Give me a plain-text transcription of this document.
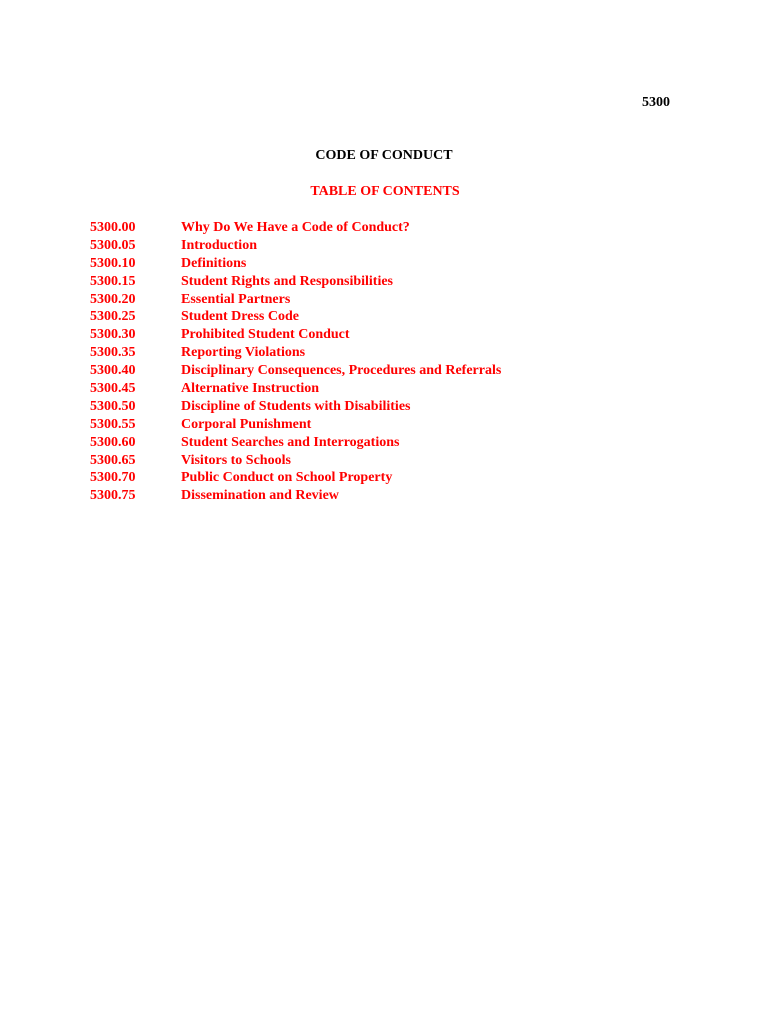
5300
CODE OF CONDUCT
TABLE OF CONTENTS
5300.00	Why Do We Have a Code of Conduct?
5300.05	Introduction
5300.10	Definitions
5300.15	Student Rights and Responsibilities
5300.20	Essential Partners
5300.25	Student Dress Code
5300.30	Prohibited Student Conduct
5300.35	Reporting Violations
5300.40	Disciplinary Consequences, Procedures and Referrals
5300.45	Alternative Instruction
5300.50	Discipline of Students with Disabilities
5300.55	Corporal Punishment
5300.60	Student Searches and Interrogations
5300.65	Visitors to Schools
5300.70	Public Conduct on School Property
5300.75	Dissemination and Review
